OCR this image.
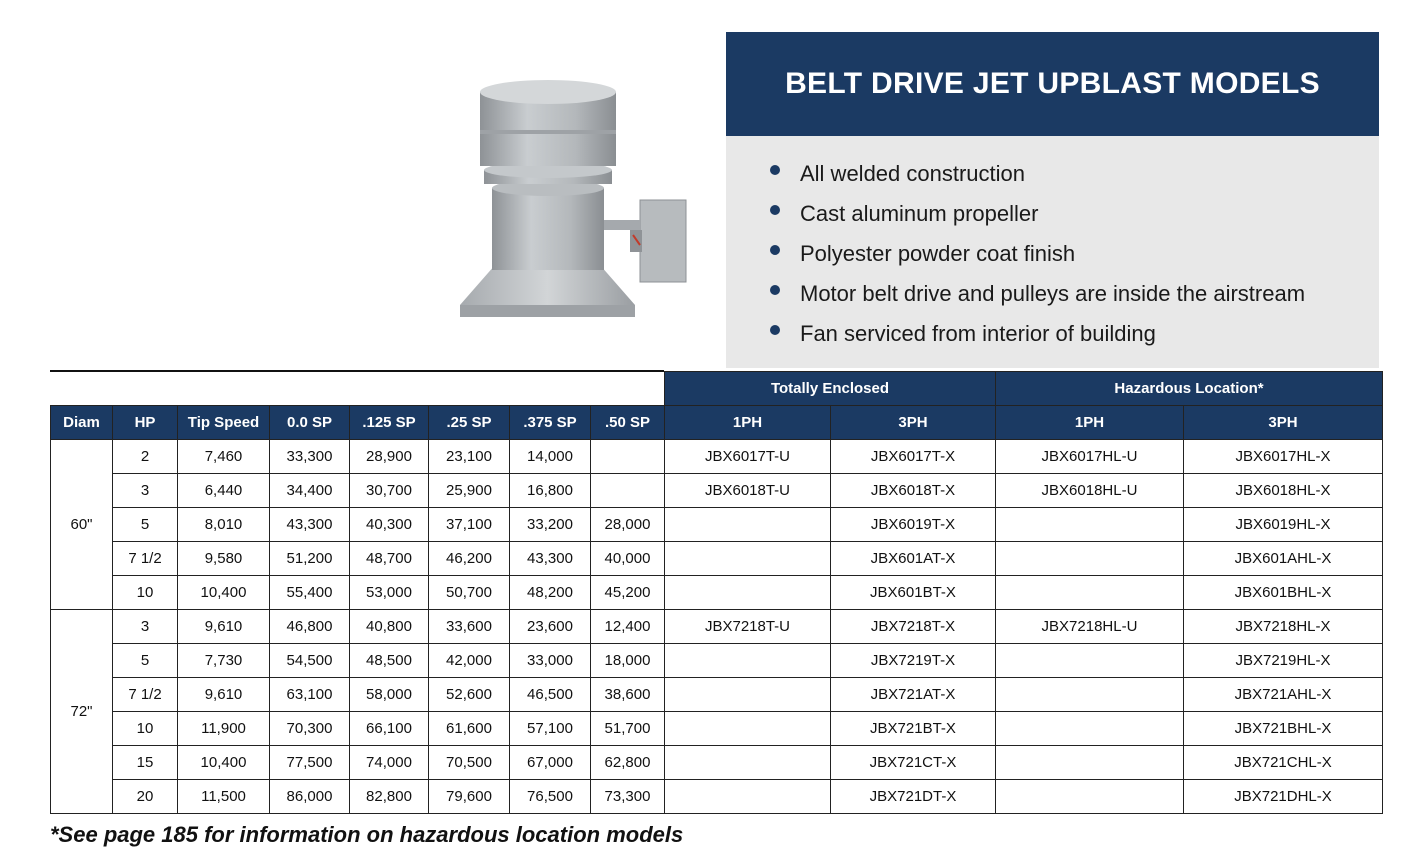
BELT DRIVE JET UPBLAST MODELS
All welded construction
Cast aluminum propeller
Polyester powder coat finish
Motor belt drive and pulleys are inside the airstream
Fan serviced from interior of building
								Totally Enclosed		Hazardous Location*	
Diam	HP	Tip Speed	0.0 SP	.125 SP	.25 SP	.375 SP	.50 SP	1PH	3PH	1PH	3PH
60"	2	7,460	33,300	28,900	23,100	14,000		JBX6017T-U	JBX6017T-X	JBX6017HL-U	JBX6017HL-X
	3	6,440	34,400	30,700	25,900	16,800		JBX6018T-U	JBX6018T-X	JBX6018HL-U	JBX6018HL-X
	5	8,010	43,300	40,300	37,100	33,200	28,000		JBX6019T-X		JBX6019HL-X
	7 1/2	9,580	51,200	48,700	46,200	43,300	40,000		JBX601AT-X		JBX601AHL-X
	10	10,400	55,400	53,000	50,700	48,200	45,200		JBX601BT-X		JBX601BHL-X
72"	3	9,610	46,800	40,800	33,600	23,600	12,400	JBX7218T-U	JBX7218T-X	JBX7218HL-U	JBX7218HL-X
	5	7,730	54,500	48,500	42,000	33,000	18,000		JBX7219T-X		JBX7219HL-X
	7 1/2	9,610	63,100	58,000	52,600	46,500	38,600		JBX721AT-X		JBX721AHL-X
	10	11,900	70,300	66,100	61,600	57,100	51,700		JBX721BT-X		JBX721BHL-X
	15	10,400	77,500	74,000	70,500	67,000	62,800		JBX721CT-X		JBX721CHL-X
	20	11,500	86,000	82,800	79,600	76,500	73,300		JBX721DT-X		JBX721DHL-X
*See page 185 for information on hazardous location models
